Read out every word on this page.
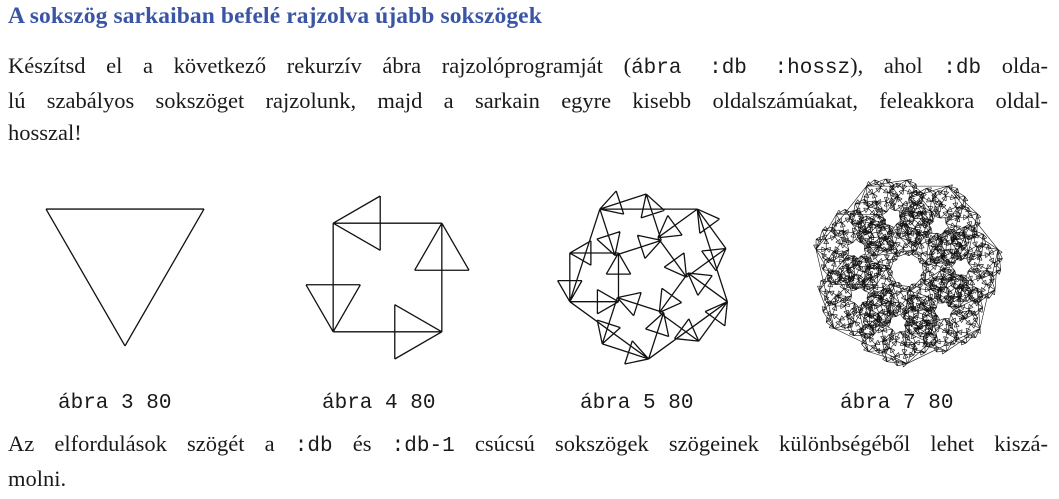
A sokszög sarkaiban befelé rajzolva újabb sokszögek
Készítsd el a következő rekurzív ábra rajzolóprogramját (ábra :db :hossz), ahol :db olda-
lú szabályos sokszöget rajzolunk, majd a sarkain egyre kisebb oldalszámúakat, feleakkora oldal-
hosszal!
ábra 3 80	ábra 4 80	ábra 5 80	ábra 7 80
Az elfordulások szögét a :db és :db-1 csúcsú sokszögek szögeinek különbségéből lehet kiszá-
molni.
